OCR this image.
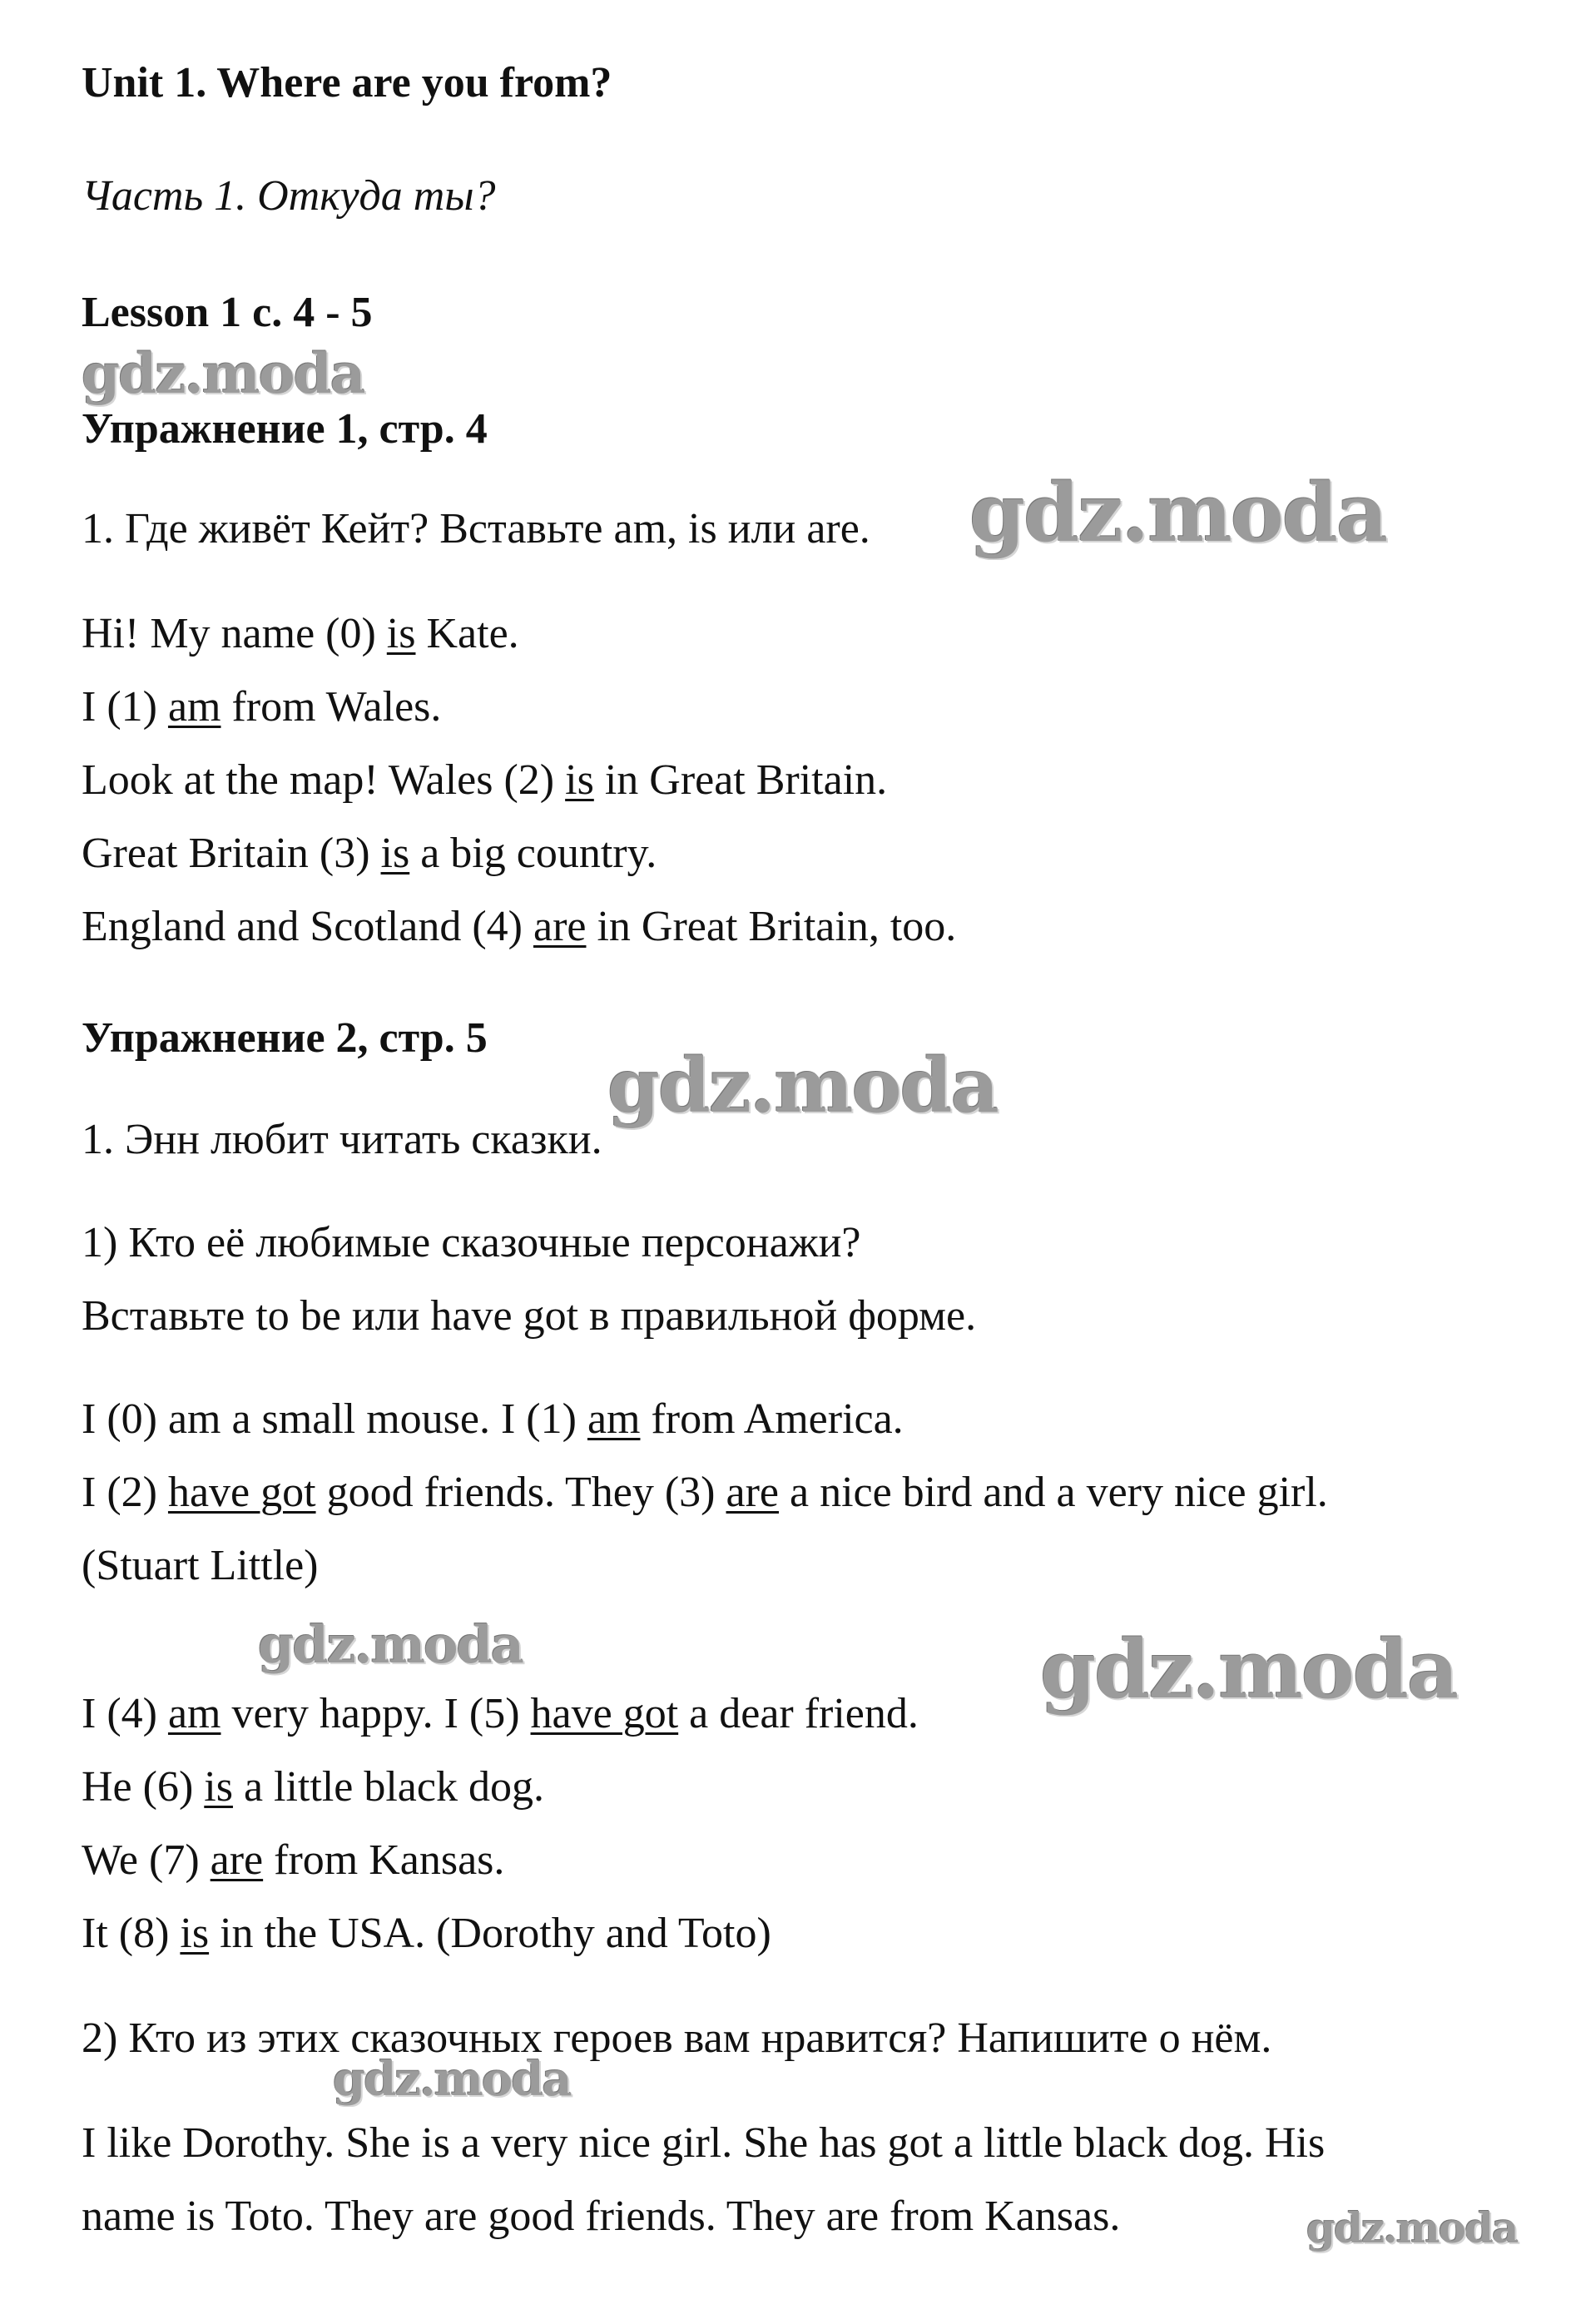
Unit 1. Where are you from?
Часть 1. Откуда ты?
Lesson 1 с. 4 - 5
gdz.moda
Упражнение 1, стр. 4
1. Где живёт Кейт? Вставьте am, is или are. gdz.moda
Hi! My name (0) is Kate.
I (1) am from Wales.
Look at the map! Wales (2) is in Great Britain.
Great Britain (3) is a big country.
England and Scotland (4) are in Great Britain, too.
Упражнение 2, стр. 5
gdz.moda
1. Энн любит читать сказки.
1) Кто её любимые сказочные персонажи?
Вставьте to be или have got в правильной форме.
I (0) am a small mouse. I (1) am from America.
I (2) have got good friends. They (3) are a nice bird and a very nice girl.
(Stuart Little)
gdz.moda	gdz.moda
I (4) am very happy. I (5) have got a dear friend.
He (6) is a little black dog.
We (7) are from Kansas.
It (8) is in the USA. (Dorothy and Toto)
2) Кто из этих сказочных героев вам нравится? Напишите о нём.
gdz.moda
I like Dorothy. She is a very nice girl. She has got a little black dog. His
name is Toto. They are good friends. They are from Kansas.	gdz.moda
